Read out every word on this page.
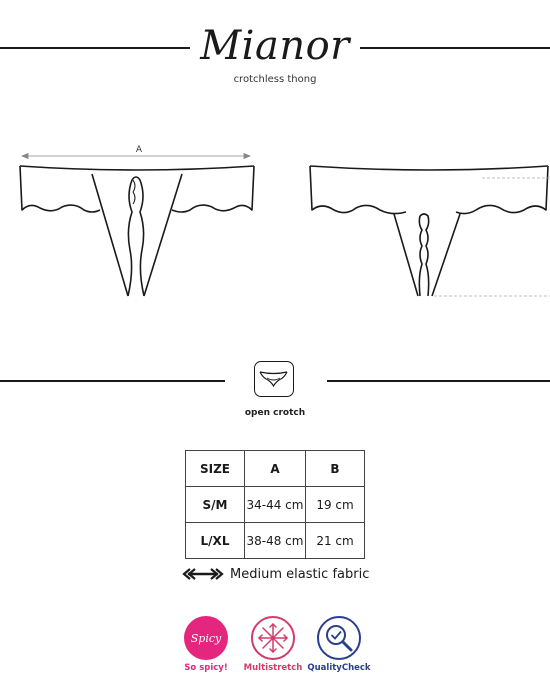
Mianor
crotchless thong
A
open crotch
SIZE	A	B
S/M	34-44 cm	19 cm
L/XL	38-48 cm	21 cm
Medium elastic fabric
Spicy
So spicy!	Multistretch QualityCheck
